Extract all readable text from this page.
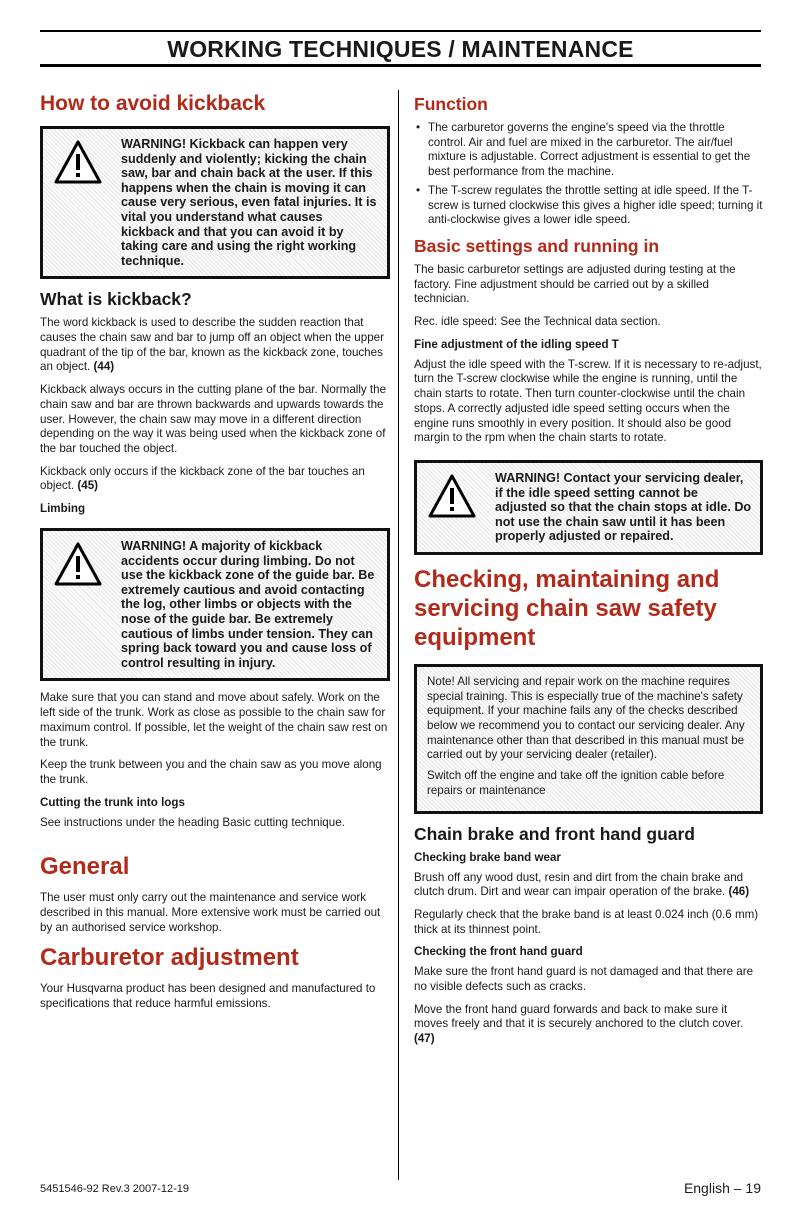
WORKING TECHNIQUES / MAINTENANCE
How to avoid kickback
WARNING! Kickback can happen very suddenly and violently; kicking the chain saw, bar and chain back at the user. If this happens when the chain is moving it can cause very serious, even fatal injuries. It is vital you understand what causes kickback and that you can avoid it by taking care and using the right working technique.
What is kickback?

The word kickback is used to describe the sudden reaction that causes the chain saw and bar to jump off an object when the upper quadrant of the tip of the bar, known as the kickback zone, touches an object. (44)

Kickback always occurs in the cutting plane of the bar. Normally the chain saw and bar are thrown backwards and upwards towards the user. However, the chain saw may move in a different direction depending on the way it was being used when the kickback zone of the bar touched the object.

Kickback only occurs if the kickback zone of the bar touches an object. (45)

Limbing
WARNING! A majority of kickback accidents occur during limbing. Do not use the kickback zone of the guide bar. Be extremely cautious and avoid contacting the log, other limbs or objects with the nose of the guide bar. Be extremely cautious of limbs under tension. They can spring back toward you and cause loss of control resulting in injury.

Make sure that you can stand and move about safely. Work on the left side of the trunk. Work as close as possible to the chain saw for maximum control. If possible, let the weight of the chain saw rest on the trunk.

Keep the trunk between you and the chain saw as you move along the trunk.

Cutting the trunk into logs

See instructions under the heading Basic cutting technique.

General

The user must only carry out the maintenance and service work described in this manual. More extensive work must be carried out by an authorised service workshop.

Carburetor adjustment

Your Husqvarna product has been designed and manufactured to specifications that reduce harmful emissions.

Function
• The carburetor governs the engine's speed via the throttle control. Air and fuel are mixed in the carburetor. The air/fuel mixture is adjustable. Correct adjustment is essential to get the best performance from the machine.
• The T-screw regulates the throttle setting at idle speed. If the T-screw is turned clockwise this gives a higher idle speed; turning it anti-clockwise gives a lower idle speed.
Basic settings and running in

The basic carburetor settings are adjusted during testing at the factory. Fine adjustment should be carried out by a skilled technician.

Rec. idle speed: See the Technical data section.

Fine adjustment of the idling speed T

Adjust the idle speed with the T-screw. If it is necessary to re-adjust, turn the T-screw clockwise while the engine is running, until the chain starts to rotate. Then turn counter-clockwise until the chain stops. A correctly adjusted idle speed setting occurs when the engine runs smoothly in every position. It should also be good margin to the rpm when the chain starts to rotate.

WARNING! Contact your servicing dealer, if the idle speed setting cannot be adjusted so that the chain stops at idle. Do not use the chain saw until it has been properly adjusted or repaired.
Checking, maintaining and servicing chain saw safety equipment

Note! All servicing and repair work on the machine requires special training. This is especially true of the machine's safety equipment. If your machine fails any of the checks described below we recommend you to contact our servicing dealer. Any maintenance other than that described in this manual must be carried out by your servicing dealer (retailer).

Switch off the engine and take off the ignition cable before repairs or maintenance

Chain brake and front hand guard
Checking brake band wear

Brush off any wood dust, resin and dirt from the chain brake and clutch drum. Dirt and wear can impair operation of the brake. (46)

Regularly check that the brake band is at least 0.024 inch (0.6 mm) thick at its thinnest point.

Checking the front hand guard

Make sure the front hand guard is not damaged and that there are no visible defects such as cracks.

Move the front hand guard forwards and back to make sure it moves freely and that it is securely anchored to the clutch cover. (47)

5451546-92 Rev.3 2007-12-19	English – 19
